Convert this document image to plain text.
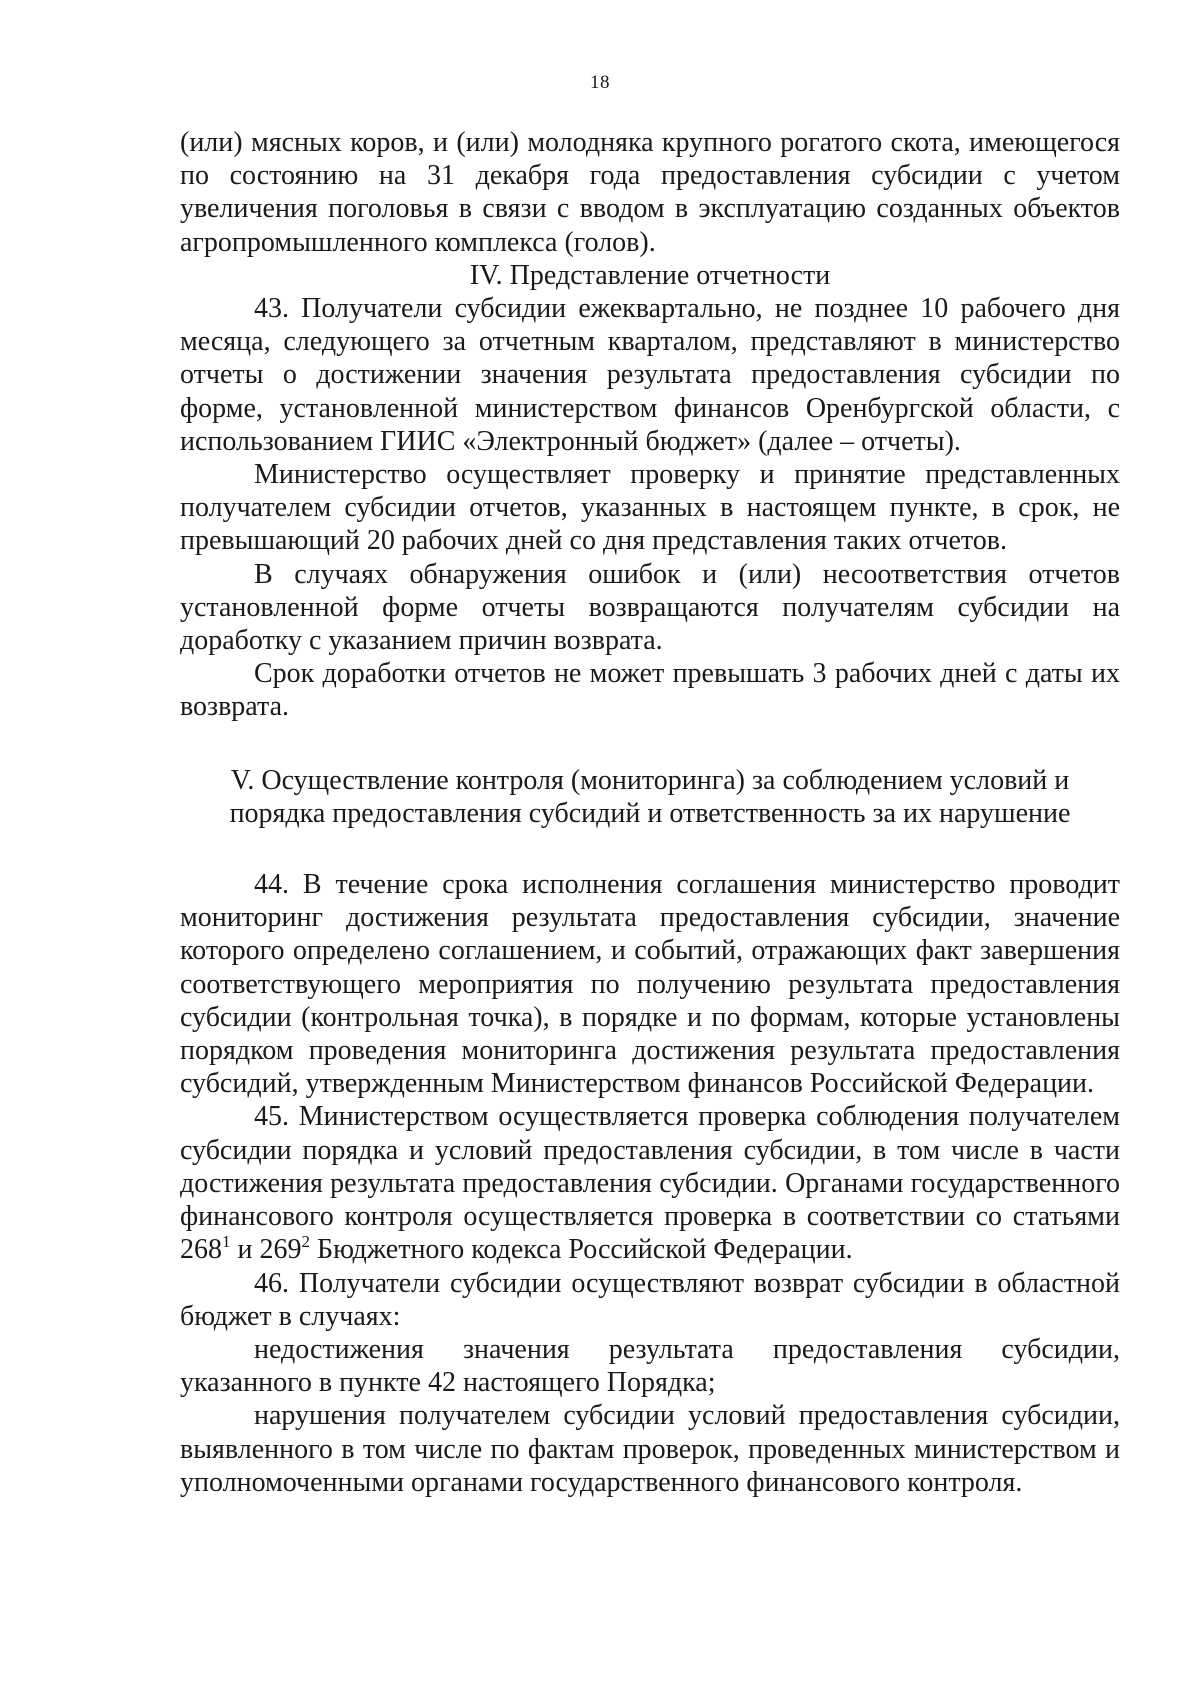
18

(или) мясных коров, и (или) молодняка крупного рогатого скота, имеющегося по состоянию на 31 декабря года предоставления субсидии с учетом увеличения поголовья в связи с вводом в эксплуатацию созданных объектов агропромышленного комплекса (голов).

IV. Представление отчетности

43. Получатели субсидии ежеквартально, не позднее 10 рабочего дня месяца, следующего за отчетным кварталом, представляют в министерство отчеты о достижении значения результата предоставления субсидии по форме, установленной министерством финансов Оренбургской области, с использованием ГИИС «Электронный бюджет» (далее – отчеты).

Министерство осуществляет проверку и принятие представленных получателем субсидии отчетов, указанных в настоящем пункте, в срок, не превышающий 20 рабочих дней со дня представления таких отчетов.

В случаях обнаружения ошибок и (или) несоответствия отчетов установленной форме отчеты возвращаются получателям субсидии на доработку с указанием причин возврата.

Срок доработки отчетов не может превышать 3 рабочих дней с даты их возврата.

V. Осуществление контроля (мониторинга) за соблюдением условий и
порядка предоставления субсидий и ответственность за их нарушение

44. В течение срока исполнения соглашения министерство проводит мониторинг достижения результата предоставления субсидии, значение которого определено соглашением, и событий, отражающих факт завершения соответствующего мероприятия по получению результата предоставления субсидии (контрольная точка), в порядке и по формам, которые установлены порядком проведения мониторинга достижения результата предоставления субсидий, утвержденным Министерством финансов Российской Федерации.

45. Министерством осуществляется проверка соблюдения получателем субсидии порядка и условий предоставления субсидии, в том числе в части достижения результата предоставления субсидии. Органами государственного финансового контроля осуществляется проверка в соответствии со статьями $268^1$ и $269^2$ Бюджетного кодекса Российской Федерации.

46. Получатели субсидии осуществляют возврат субсидии в областной бюджет в случаях:

недостижения значения результата предоставления субсидии, указанного в пункте 42 настоящего Порядка;

нарушения получателем субсидии условий предоставления субсидии, выявленного в том числе по фактам проверок, проведенных министерством и уполномоченными органами государственного финансового контроля.
